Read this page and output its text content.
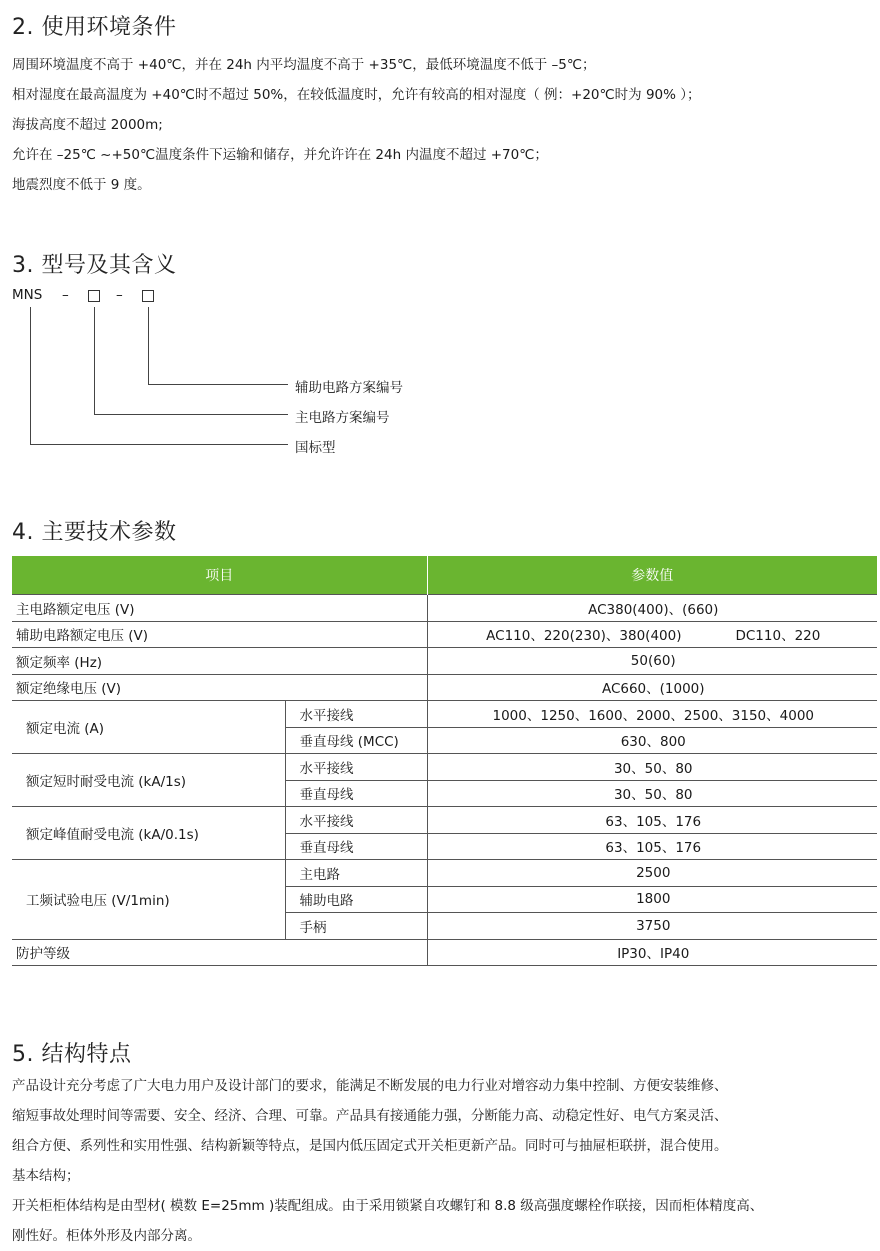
2. 使用环境条件
周围环境温度不高于 +40℃，并在 24h 内平均温度不高于 +35℃，最低环境温度不低于 –5℃；
相对湿度在最高温度为 +40℃时不超过 50%，在较低温度时，允许有较高的相对湿度（ 例：+20℃时为 90% ）；
海拔高度不超过 2000m;
允许在 –25℃ ~+50℃温度条件下运输和储存，并允许许在 24h 内温度不超过 +70℃；
地震烈度不低于 9 度。
3. 型号及其含义
MNS –	–
辅助电路方案编号
主电路方案编号
国标型
4. 主要技术参数
项目		参数值
主电路额定电压 (V)		AC380(400)、(660)
辅助电路额定电压 (V)		AC110、220(230)、380(400) DC110、220
额定频率 (Hz)		50(60)
额定绝缘电压 (V)		AC660、(1000)
额定电流 (A)	水平接线	1000、1250、1600、2000、2500、3150、4000
	垂直母线 (MCC)	630、800
额定短时耐受电流 (kA/1s)	水平接线	30、50、80
	垂直母线	30、50、80
额定峰值耐受电流 (kA/0.1s)	水平接线	63、105、176
	垂直母线	63、105、176
工频试验电压 (V/1min)	主电路	2500
	辅助电路	1800
	手柄	3750
防护等级		IP30、IP40
5. 结构特点
产品设计充分考虑了广大电力用户及设计部门的要求，能满足不断发展的电力行业对增容动力集中控制、方便安装维修、
缩短事故处理时间等需要、安全、经济、合理、可靠。产品具有接通能力强，分断能力高、动稳定性好、电气方案灵活、
组合方便、系列性和实用性强、结构新颖等特点，是国内低压固定式开关柜更新产品。同时可与抽屉柜联拼，混合使用。
基本结构；
开关柜柜体结构是由型材( 模数 E=25mm )装配组成。由于采用锁紧自攻螺钉和 8.8 级高强度螺栓作联接，因而柜体精度高、
刚性好。柜体外形及内部分离。
